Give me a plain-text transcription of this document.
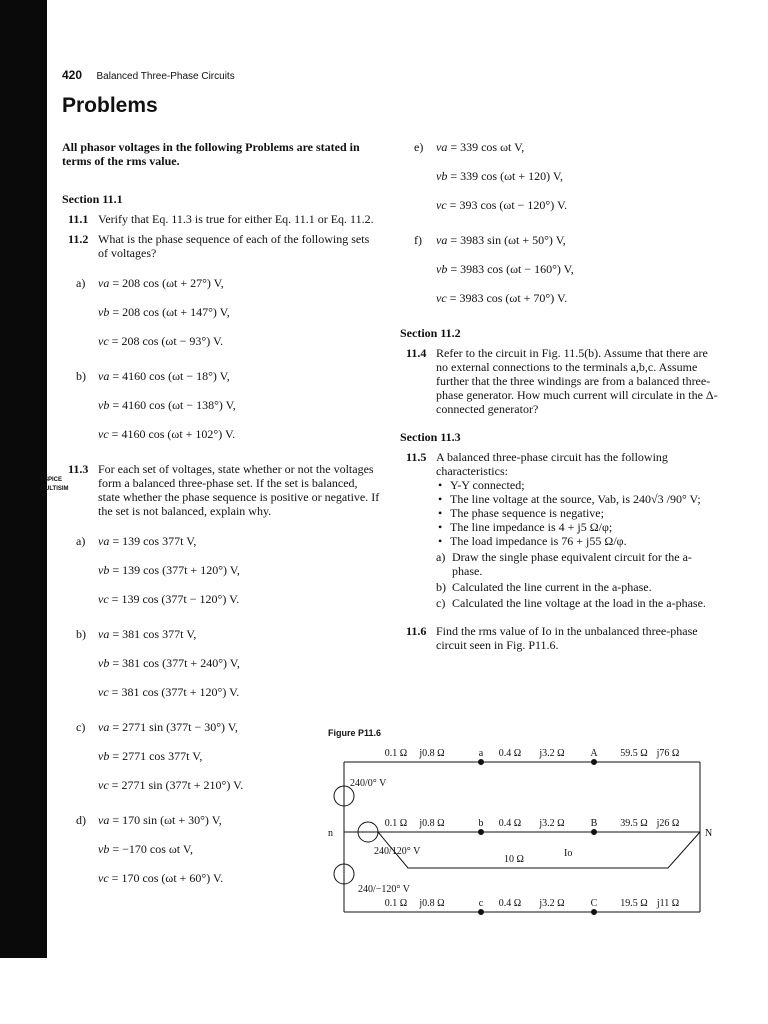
420 Balanced Three-Phase Circuits
Problems
All phasor voltages in the following Problems are stated in terms of the rms value.
Section 11.1
11.1 Verify that Eq. 11.3 is true for either Eq. 11.1 or Eq. 11.2.
11.2 What is the phase sequence of each of the following sets of voltages?
a) va = 208 cos (ωt + 27°) V,
vb = 208 cos (ωt + 147°) V,
vc = 208 cos (ωt − 93°) V.
b) va = 4160 cos (ωt − 18°) V,
vb = 4160 cos (ωt − 138°) V,
vc = 4160 cos (ωt + 102°) V.
11.3
PSPICE
MULTISIM
For each set of voltages, state whether or not the voltages form a balanced three-phase set. If the set is balanced, state whether the phase sequence is positive or negative. If the set is not balanced, explain why.
a) va = 139 cos 377t V,
vb = 139 cos (377t + 120°) V,
vc = 139 cos (377t − 120°) V.
b) va = 381 cos 377t V,
vb = 381 cos (377t + 240°) V,
vc = 381 cos (377t + 120°) V.
c) va = 2771 sin (377t − 30°) V,
vb = 2771 cos 377t V,
vc = 2771 sin (377t + 210°) V.
d) va = 170 sin (ωt + 30°) V,
vb = −170 cos ωt V,
vc = 170 cos (ωt + 60°) V.
e) va = 339 cos ωt V,
vb = 339 cos (ωt + 120) V,
vc = 393 cos (ωt − 120°) V.
f) va = 3983 sin (ωt + 50°) V,
vb = 3983 cos (ωt − 160°) V,
vc = 3983 cos (ωt + 70°) V.
Section 11.2
11.4 Refer to the circuit in Fig. 11.5(b). Assume that there are no external connections to the terminals a,b,c. Assume further that the three windings are from a balanced three-phase generator. How much current will circulate in the Δ-connected generator?
Section 11.3
11.5 A balanced three-phase circuit has the following characteristics:
• Y-Y connected;
• The line voltage at the source, Vab, is 240√3 /90° V;
• The phase sequence is negative;
• The line impedance is 4 + j5 Ω/φ;
• The load impedance is 76 + j55 Ω/φ.
a) Draw the single phase equivalent circuit for the a-phase.
b) Calculated the line current in the a-phase.
c) Calculated the line voltage at the load in the a-phase.
11.6 Find the rms value of Io in the unbalanced three-phase circuit seen in Fig. P11.6.
Figure P11.6
0.1 Ω j0.8 Ω	a 0.4 Ω j3.2 Ω	A 59.5 Ω j76 Ω
0.1 Ω j0.8 Ω	b 0.4 Ω j3.2 Ω	B 39.5 Ω j26 Ω
0.1 Ω j0.8 Ω	c 0.4 Ω j3.2 Ω	C 19.5 Ω j11 Ω
N
240/0° V
240/120° V
240/−120° V
n
10 Ω
Io
